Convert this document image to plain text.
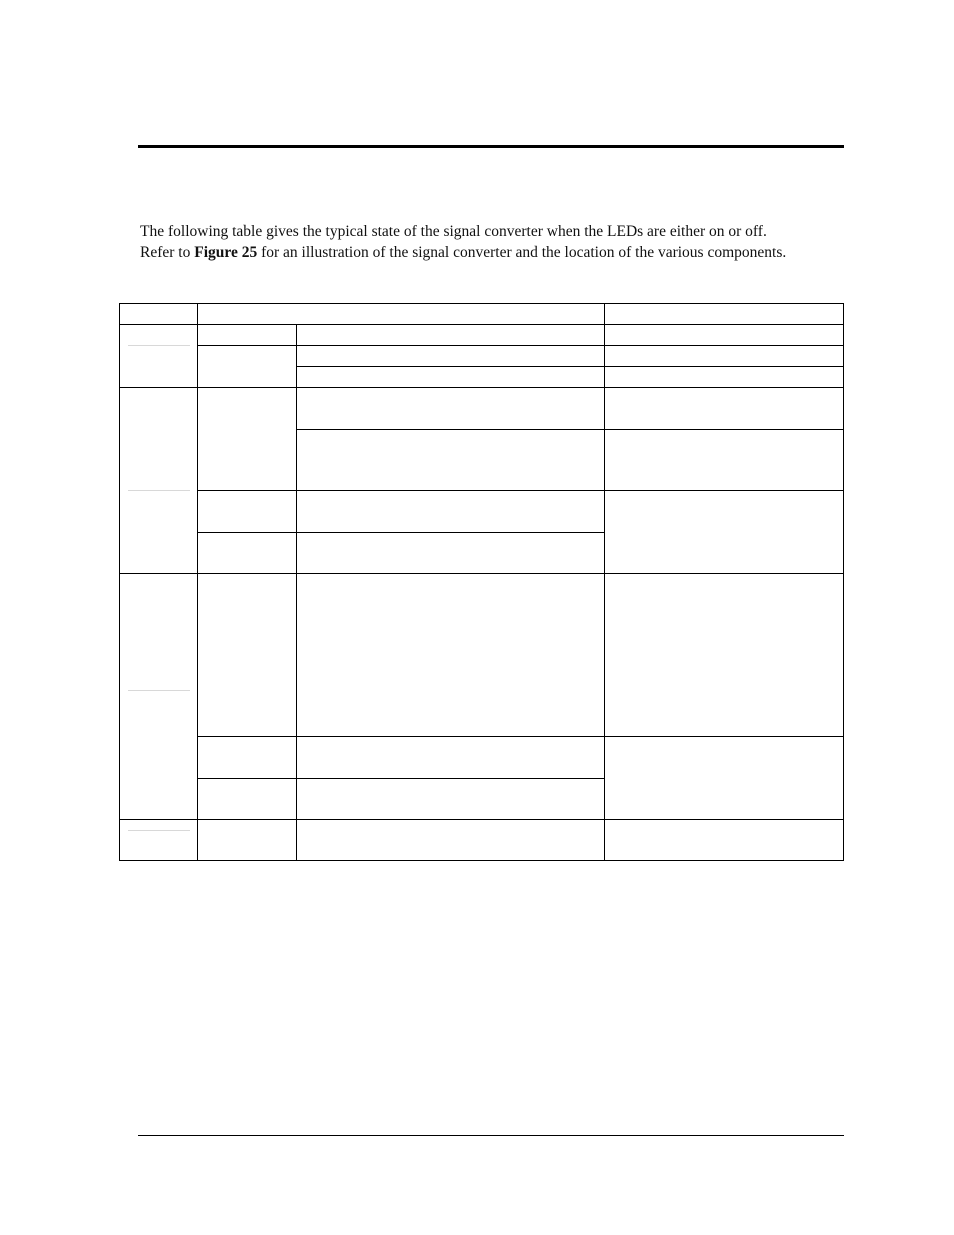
The following table gives the typical state of the signal converter when the LEDs are either on or off.
Refer to Figure 25 for an illustration of the signal converter and the location of the various components.
